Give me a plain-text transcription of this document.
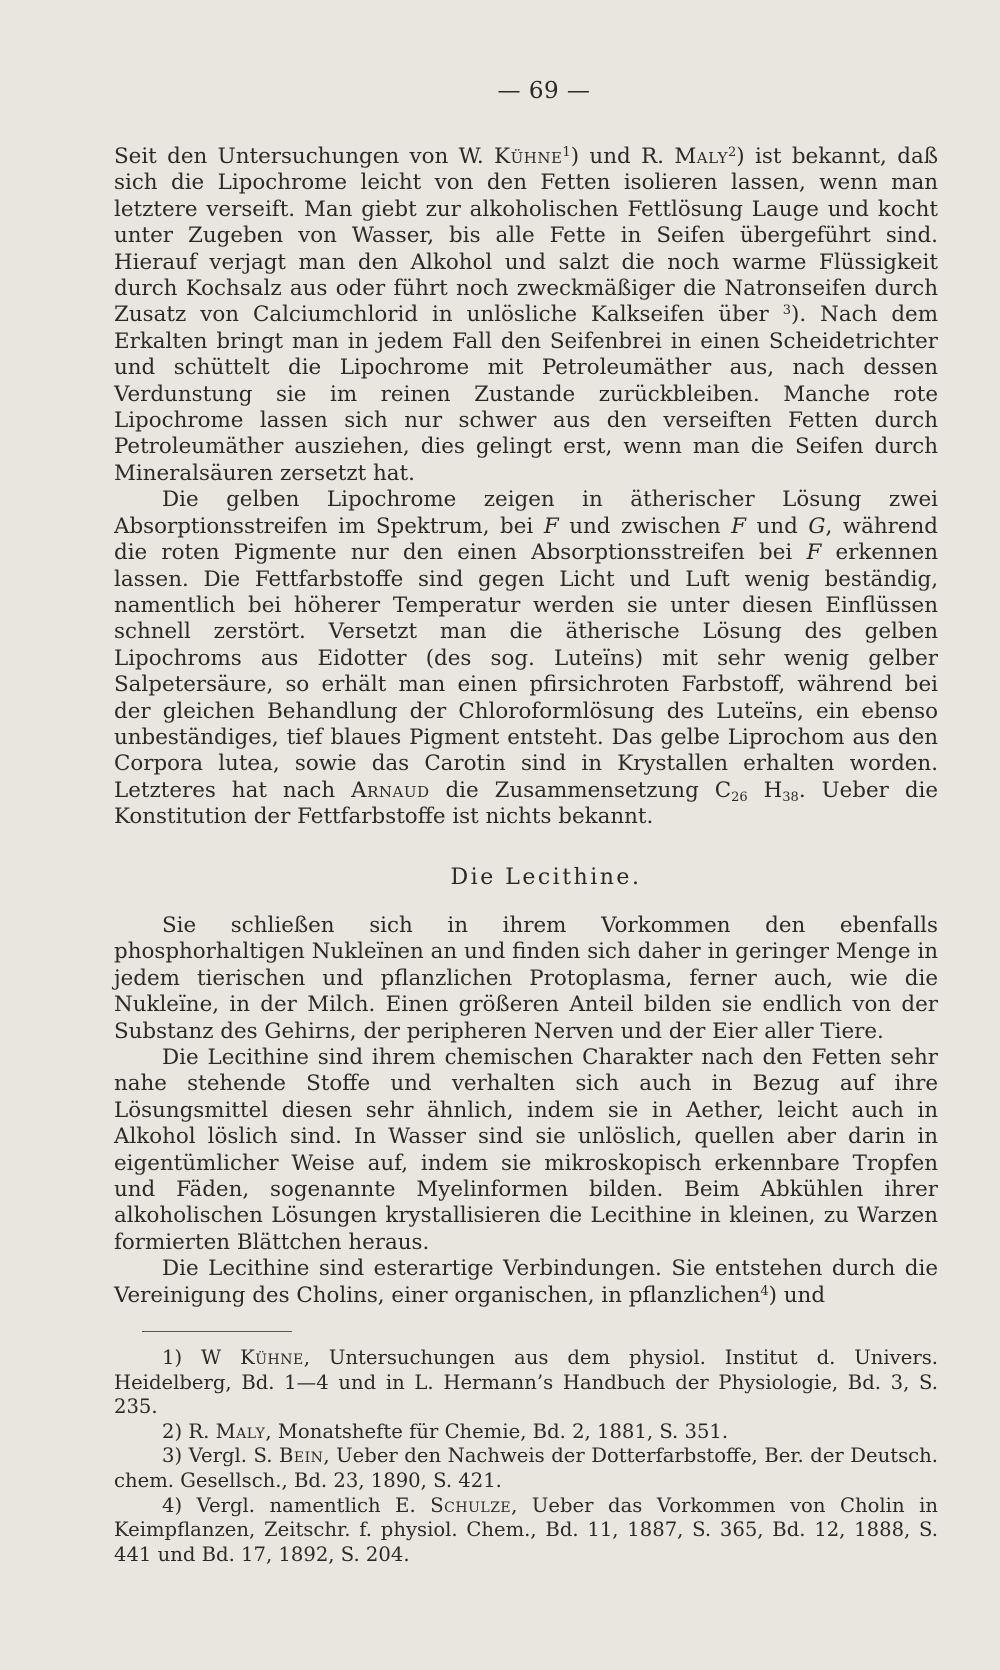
— 69 —

Seit den Untersuchungen von W. Kühne$^1$) und R. Maly$^2$) ist bekannt, daß sich die Lipochrome leicht von den Fetten isolieren lassen, wenn man letztere verseift. Man giebt zur alkoholischen Fettlösung Lauge und kocht unter Zugeben von Wasser, bis alle Fette in Seifen übergeführt sind. Hierauf verjagt man den Alkohol und salzt die noch warme Flüssigkeit durch Kochsalz aus oder führt noch zweckmäßiger die Natronseifen durch Zusatz von Calciumchlorid in unlösliche Kalkseifen über $^3$). Nach dem Erkalten bringt man in jedem Fall den Seifenbrei in einen Scheidetrichter und schüttelt die Lipochrome mit Petroleumäther aus, nach dessen Verdunstung sie im reinen Zustande zurückbleiben. Manche rote Lipochrome lassen sich nur schwer aus den verseiften Fetten durch Petroleumäther ausziehen, dies gelingt erst, wenn man die Seifen durch Mineralsäuren zersetzt hat.

Die gelben Lipochrome zeigen in ätherischer Lösung zwei Absorptionsstreifen im Spektrum, bei F und zwischen F und G, während die roten Pigmente nur den einen Absorptionsstreifen bei F erkennen lassen. Die Fettfarbstoffe sind gegen Licht und Luft wenig beständig, namentlich bei höherer Temperatur werden sie unter diesen Einflüssen schnell zerstört. Versetzt man die ätherische Lösung des gelben Lipochroms aus Eidotter (des sog. Luteïns) mit sehr wenig gelber Salpetersäure, so erhält man einen pfirsichroten Farbstoff, während bei der gleichen Behandlung der Chloroformlösung des Luteïns, ein ebenso unbeständiges, tief blaues Pigment entsteht. Das gelbe Liprochom aus den Corpora lutea, sowie das Carotin sind in Krystallen erhalten worden. Letzteres hat nach Arnaud die Zusammensetzung $C_{26}$ $H_{38}$. Ueber die Konstitution der Fettfarbstoffe ist nichts bekannt.

Die Lecithine.

Sie schließen sich in ihrem Vorkommen den ebenfalls phosphorhaltigen Nukleïnen an und finden sich daher in geringer Menge in jedem tierischen und pflanzlichen Protoplasma, ferner auch, wie die Nukleïne, in der Milch. Einen größeren Anteil bilden sie endlich von der Substanz des Gehirns, der peripheren Nerven und der Eier aller Tiere.

Die Lecithine sind ihrem chemischen Charakter nach den Fetten sehr nahe stehende Stoffe und verhalten sich auch in Bezug auf ihre Lösungsmittel diesen sehr ähnlich, indem sie in Aether, leicht auch in Alkohol löslich sind. In Wasser sind sie unlöslich, quellen aber darin in eigentümlicher Weise auf, indem sie mikroskopisch erkennbare Tropfen und Fäden, sogenannte Myelinformen bilden. Beim Abkühlen ihrer alkoholischen Lösungen krystallisieren die Lecithine in kleinen, zu Warzen formierten Blättchen heraus.

Die Lecithine sind esterartige Verbindungen. Sie entstehen durch die Vereinigung des Cholins, einer organischen, in pflanzlichen$^4$) und

1) W Kühne, Untersuchungen aus dem physiol. Institut d. Univers. Heidelberg, Bd. 1—4 und in L. Hermann’s Handbuch der Physiologie, Bd. 3, S. 235.

2) R. Maly, Monatshefte für Chemie, Bd. 2, 1881, S. 351.

3) Vergl. S. Bein, Ueber den Nachweis der Dotterfarbstoffe, Ber. der Deutsch. chem. Gesellsch., Bd. 23, 1890, S. 421.

4) Vergl. namentlich E. Schulze, Ueber das Vorkommen von Cholin in Keimpflanzen, Zeitschr. f. physiol. Chem., Bd. 11, 1887, S. 365, Bd. 12, 1888, S. 441 und Bd. 17, 1892, S. 204.
